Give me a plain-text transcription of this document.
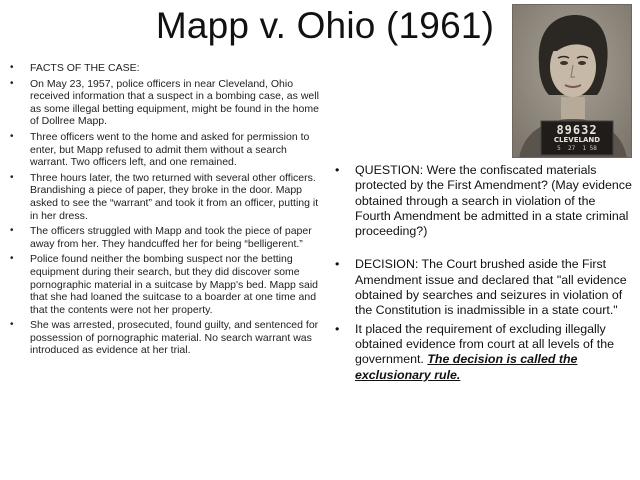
Mapp v. Ohio (1961)
89632
CLEVELAND
5  27  1 58
• FACTS OF THE CASE:
• On May 23, 1957, police officers in near Cleveland, Ohio received information that a suspect in a bombing case, as well as some illegal betting equipment, might be found in the home of Dollree Mapp.
• Three officers went to the home and asked for permission to enter, but Mapp refused to admit them without a search warrant. Two officers left, and one remained.
• Three hours later, the two returned with several other officers. Brandishing a piece of paper, they broke in the door. Mapp asked to see the “warrant” and took it from an officer, putting it in her dress.
• The officers struggled with Mapp and took the piece of paper away from her. They handcuffed her for being “belligerent.”
• Police found neither the bombing suspect nor the betting equipment during their search, but they did discover some pornographic material in a suitcase by Mapp's bed. Mapp said that she had loaned the suitcase to a boarder at one time and that the contents were not her property.
• She was arrested, prosecuted, found guilty, and sentenced for possession of pornographic material. No search warrant was introduced as evidence at her trial.
• QUESTION: Were the confiscated materials protected by the First Amendment? (May evidence obtained through a search in violation of the Fourth Amendment be admitted in a state criminal proceeding?)
• DECISION: The Court brushed aside the First Amendment issue and declared that "all evidence obtained by searches and seizures in violation of the Constitution is inadmissible in a state court."
• It placed the requirement of excluding illegally obtained evidence from court at all levels of the government. The decision is called the exclusionary rule.
